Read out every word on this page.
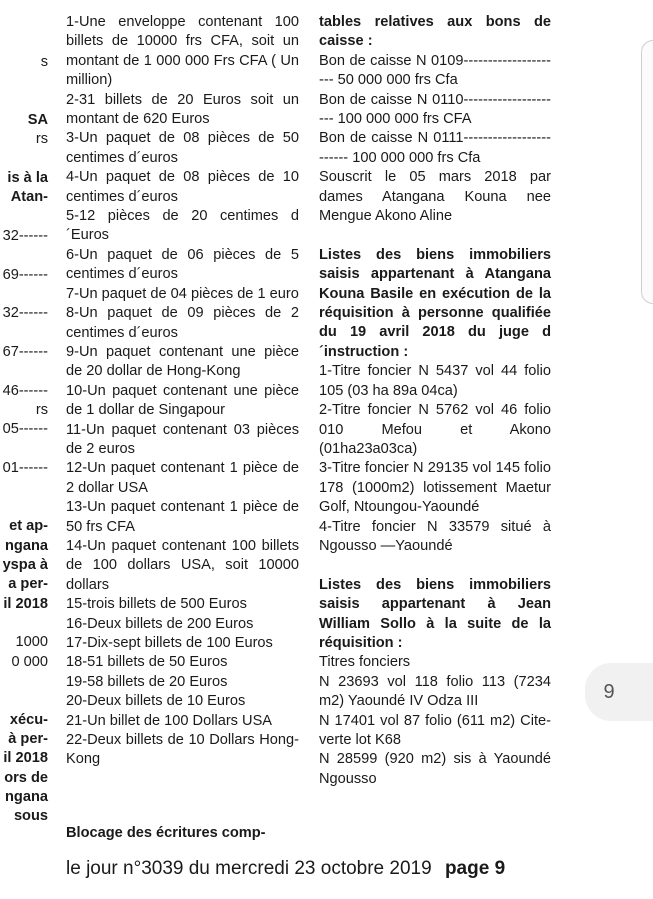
s
SA
rs
is à la
Atan-
32------
69------
32------
67------
46------
rs
05------
01------
et ap-
ngana
yspa à
a per-
il 2018
1000
0 000
xécu-
à per-
il 2018
ors de
ngana
sous

1-Une enveloppe contenant 100 billets de 10000 frs CFA, soit un montant de 1 000 000 Frs CFA ( Un million)

2-31 billets de 20 Euros soit un montant de 620 Euros

3-Un paquet de 08 pièces de 50 centimes d´euros

4-Un paquet de 08 pièces de 10 centimes d´euros

5-12 pièces de 20 centimes d´Euros

6-Un paquet de 06 pièces de 5 centimes d´euros

7-Un paquet de 04 pièces de 1 euro

8-Un paquet de 09 pièces de 2 centimes d´euros

9-Un paquet contenant une pièce de 20 dollar de Hong-Kong

10-Un paquet contenant une pièce de 1 dollar de Singapour

11-Un paquet contenant 03 pièces de 2 euros

12-Un paquet contenant 1 pièce de 2 dollar USA

13-Un paquet contenant 1 pièce de 50 frs CFA

14-Un paquet contenant 100 billets de 100 dollars USA, soit 10000 dollars

15-trois billets de 500 Euros

16-Deux billets de 200 Euros

17-Dix-sept billets de 100 Euros

18-51 billets de 50 Euros

19-58 billets de 20 Euros

20-Deux billets de 10 Euros

21-Un billet de 100 Dollars USA

22-Deux billets de 10 Dollars Hong-Kong

Blocage des écritures comp-

tables relatives aux bons de caisse :

Bon de caisse N 0109--------------------- 50 000 000 frs Cfa

Bon de caisse N 0110--------------------- 100 000 000 frs CFA

Bon de caisse N 0111------------------------ 100 000 000 frs Cfa

Souscrit le 05 mars 2018 par dames Atangana Kouna nee Mengue Akono Aline

Listes des biens immobiliers saisis appartenant à Atangana Kouna Basile en exécution de la réquisition à personne qualifiée du 19 avril 2018 du juge d´instruction :

1-Titre foncier N 5437 vol 44 folio 105 (03 ha 89a 04ca)

2-Titre foncier N 5762 vol 46 folio 010 Mefou et Akono (01ha23a03ca)

3-Titre foncier N 29135 vol 145 folio 178 (1000m2) lotissement Maetur Golf, Ntoungou-Yaoundé

4-Titre foncier N 33579 situé à Ngousso —Yaoundé

Listes des biens immobiliers saisis appartenant à Jean William Sollo à la suite de la réquisition :

Titres fonciers

N 23693 vol 118 folio 113 (7234 m2) Yaoundé IV Odza III

N 17401 vol 87 folio (611 m2) Cite-verte lot K68

N 28599 (920 m2) sis à Yaoundé Ngousso

le jour n°3039 du mercredi 23 octobre 2019 page 9
9
